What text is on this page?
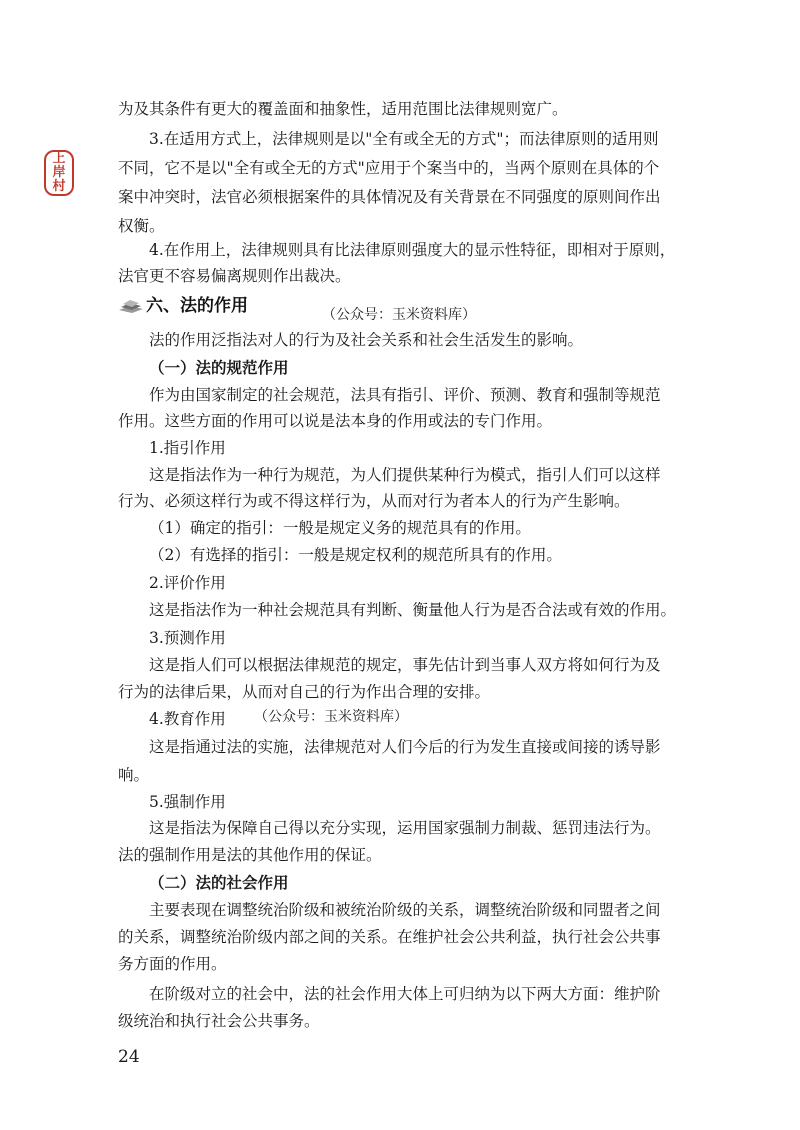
上
岸
村
为及其条件有更大的覆盖面和抽象性，适用范围比法律规则宽广。
3.在适用方式上，法律规则是以"全有或全无的方式"；而法律原则的适用则
不同，它不是以"全有或全无的方式"应用于个案当中的，当两个原则在具体的个
案中冲突时，法官必须根据案件的具体情况及有关背景在不同强度的原则间作出
权衡。
4.在作用上，法律规则具有比法律原则强度大的显示性特征，即相对于原则，
法官更不容易偏离规则作出裁决。
六、法的作用	（公众号：玉米资料库）
法的作用泛指法对人的行为及社会关系和社会生活发生的影响。
（一）法的规范作用
作为由国家制定的社会规范，法具有指引、评价、预测、教育和强制等规范
作用。这些方面的作用可以说是法本身的作用或法的专门作用。
1.指引作用
这是指法作为一种行为规范，为人们提供某种行为模式，指引人们可以这样
行为、必须这样行为或不得这样行为，从而对行为者本人的行为产生影响。
（1）确定的指引：一般是规定义务的规范具有的作用。
（2）有选择的指引：一般是规定权利的规范所具有的作用。
2.评价作用
这是指法作为一种社会规范具有判断、衡量他人行为是否合法或有效的作用。
3.预测作用
这是指人们可以根据法律规范的规定，事先估计到当事人双方将如何行为及
行为的法律后果，从而对自己的行为作出合理的安排。
4.教育作用	（公众号：玉米资料库）
这是指通过法的实施，法律规范对人们今后的行为发生直接或间接的诱导影
响。
5.强制作用
这是指法为保障自己得以充分实现，运用国家强制力制裁、惩罚违法行为。
法的强制作用是法的其他作用的保证。
（二）法的社会作用
主要表现在调整统治阶级和被统治阶级的关系，调整统治阶级和同盟者之间
的关系，调整统治阶级内部之间的关系。在维护社会公共利益，执行社会公共事
务方面的作用。
在阶级对立的社会中，法的社会作用大体上可归纳为以下两大方面：维护阶
级统治和执行社会公共事务。
24
